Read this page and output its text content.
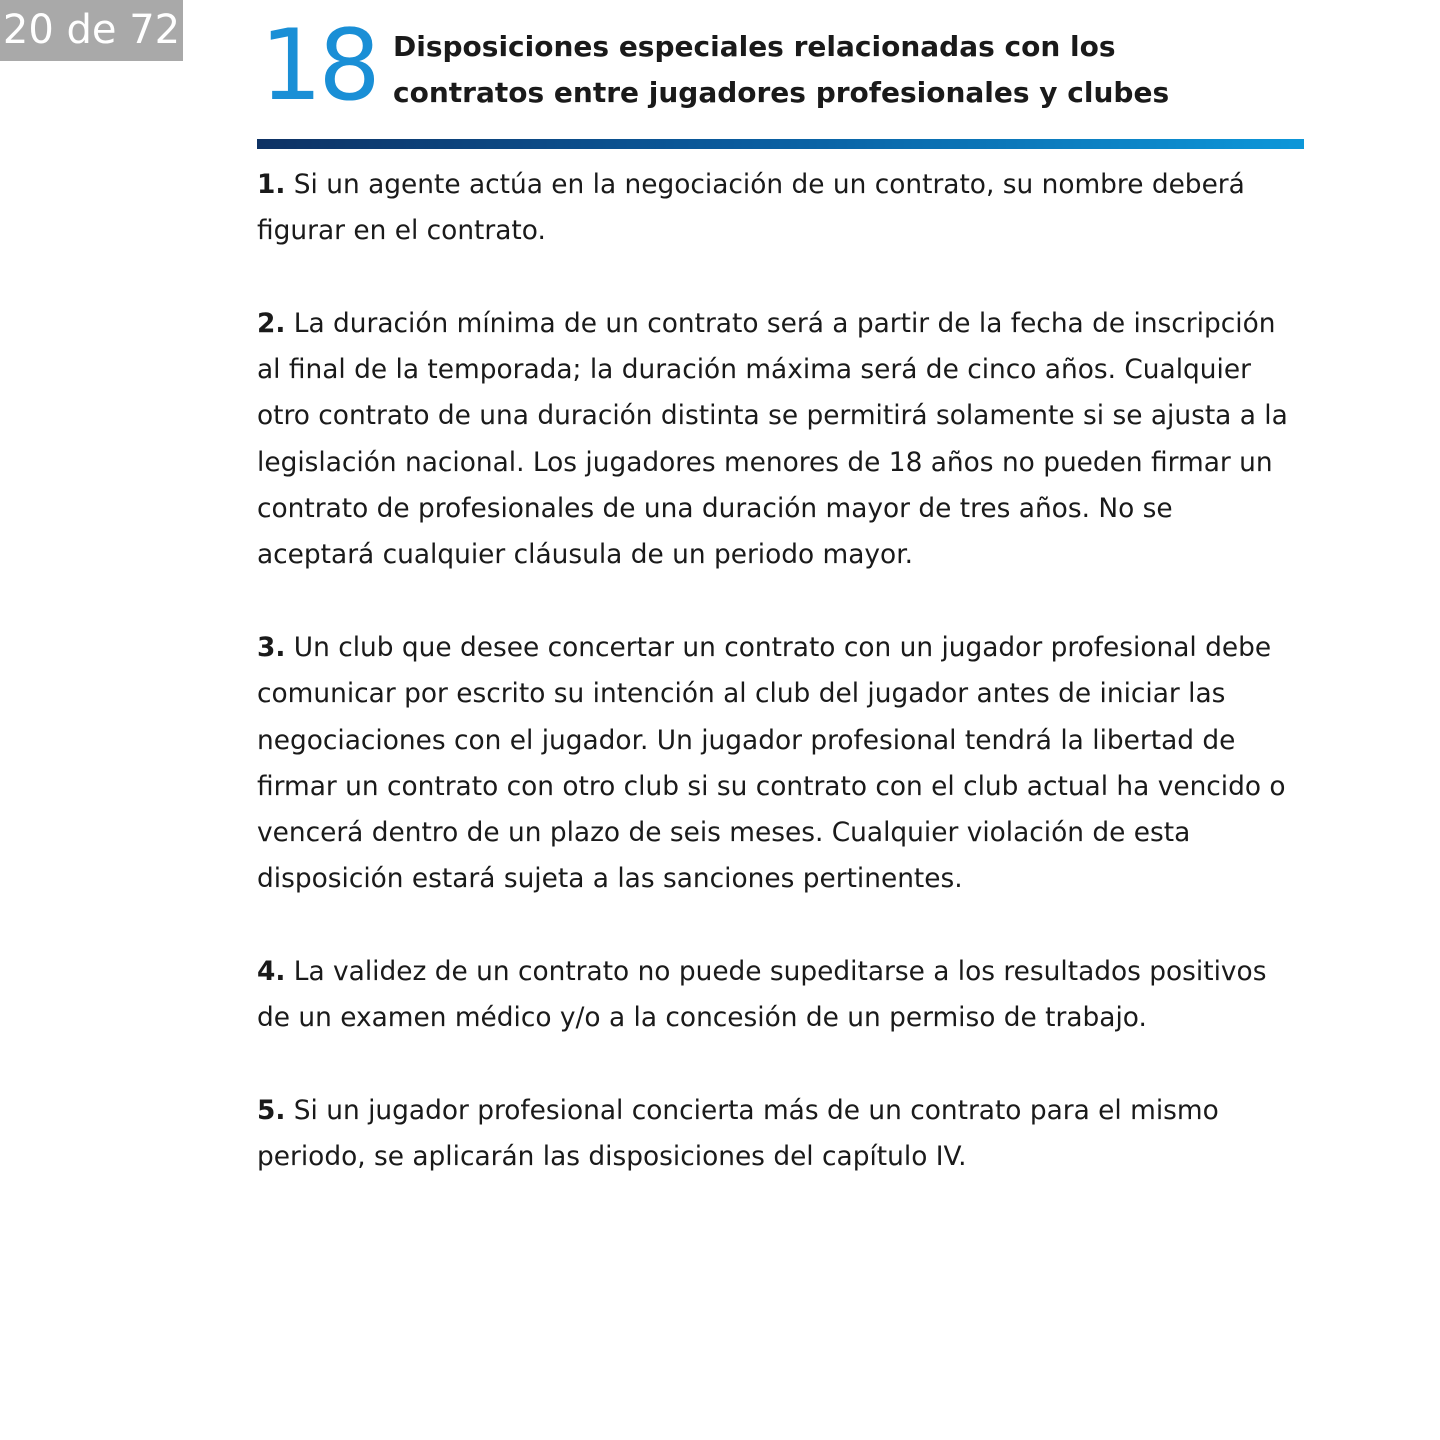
20 de 72 18 Disposiciones especiales relacionadas con los
contratos entre jugadores profesionales y clubes

1. Si un agente actúa en la negociación de un contrato, su nombre deberá figurar en el contrato.

2. La duración mínima de un contrato será a partir de la fecha de inscripción al final de la temporada; la duración máxima será de cinco años. Cualquier otro contrato de una duración distinta se permitirá solamente si se ajusta a la legislación nacional. Los jugadores menores de 18 años no pueden firmar un contrato de profesionales de una duración mayor de tres años. No se aceptará cualquier cláusula de un periodo mayor.

3. Un club que desee concertar un contrato con un jugador profesional debe comunicar por escrito su intención al club del jugador antes de iniciar las negociaciones con el jugador. Un jugador profesional tendrá la libertad de firmar un contrato con otro club si su contrato con el club actual ha vencido o vencerá dentro de un plazo de seis meses. Cualquier violación de esta disposición estará sujeta a las sanciones pertinentes.

4. La validez de un contrato no puede supeditarse a los resultados positivos de un examen médico y/o a la concesión de un permiso de trabajo.

5. Si un jugador profesional concierta más de un contrato para el mismo periodo, se aplicarán las disposiciones del capítulo IV.
